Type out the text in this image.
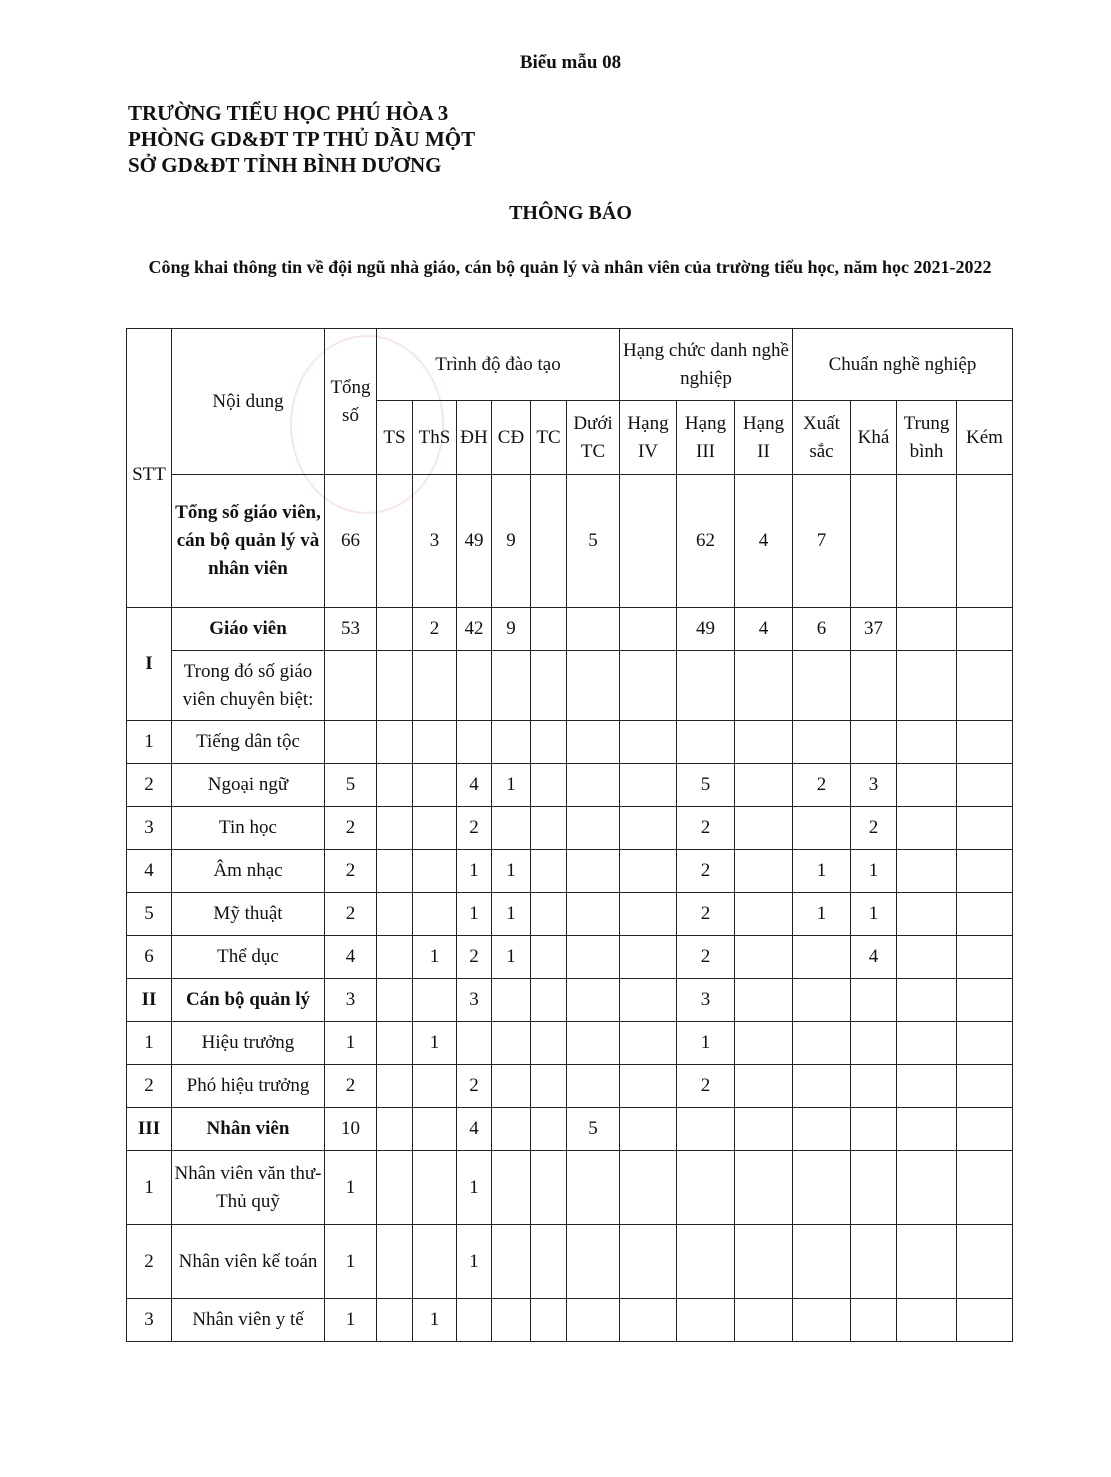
Biểu mẫu 08
TRƯỜNG TIỂU HỌC PHÚ HÒA 3
PHÒNG GD&ĐT TP THỦ DẦU MỘT
SỞ GD&ĐT TỈNH BÌNH DƯƠNG
THÔNG BÁO
Công khai thông tin về đội ngũ nhà giáo, cán bộ quản lý và nhân viên của trường tiểu học, năm học 2021-2022
STT	Nội dung	Tổng số	Trình độ đào tạo						Hạng chức danh nghề nghiệp			Chuẩn nghề nghiệp			
			TS	ThS	ĐH	CĐ	TC	Dưới TC	Hạng IV	Hạng III	Hạng II	Xuất sắc	Khá	Trung bình	Kém
	Tổng số giáo viên, cán bộ quản lý và nhân viên	66		3	49	9		5		62	4	7			
I	Giáo viên	53		2	42	9				49	4	6	37		
	Trong đó số giáo viên chuyên biệt:														
1	Tiếng dân tộc														
2	Ngoại ngữ	5			4	1				5		2	3		
3	Tin học	2			2					2			2		
4	Âm nhạc	2			1	1				2		1	1		
5	Mỹ thuật	2			1	1				2		1	1		
6	Thể dục	4		1	2	1				2			4		
II	Cán bộ quản lý	3			3					3					
1	Hiệu trưởng	1		1						1					
2	Phó hiệu trưởng	2			2					2					
III	Nhân viên	10			4			5							
1	Nhân viên văn thư- Thủ quỹ	1			1										
2	Nhân viên kế toán	1			1										
3	Nhân viên y tế	1		1											
